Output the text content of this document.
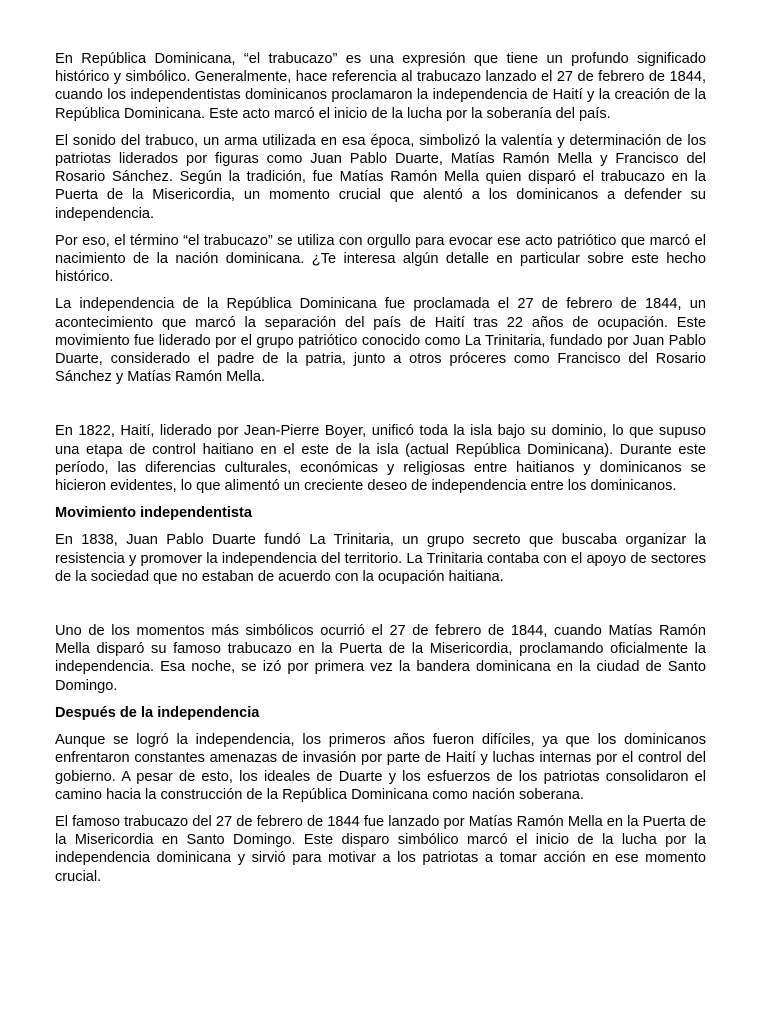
En República Dominicana, “el trabucazo” es una expresión que tiene un profundo significado histórico y simbólico. Generalmente, hace referencia al trabucazo lanzado el 27 de febrero de 1844, cuando los independentistas dominicanos proclamaron la independencia de Haití y la creación de la República Dominicana. Este acto marcó el inicio de la lucha por la soberanía del país.

El sonido del trabuco, un arma utilizada en esa época, simbolizó la valentía y determinación de los patriotas liderados por figuras como Juan Pablo Duarte, Matías Ramón Mella y Francisco del Rosario Sánchez. Según la tradición, fue Matías Ramón Mella quien disparó el trabucazo en la Puerta de la Misericordia, un momento crucial que alentó a los dominicanos a defender su independencia.

Por eso, el término “el trabucazo” se utiliza con orgullo para evocar ese acto patriótico que marcó el nacimiento de la nación dominicana. ¿Te interesa algún detalle en particular sobre este hecho histórico.

La independencia de la República Dominicana fue proclamada el 27 de febrero de 1844, un acontecimiento que marcó la separación del país de Haití tras 22 años de ocupación. Este movimiento fue liderado por el grupo patriótico conocido como La Trinitaria, fundado por Juan Pablo Duarte, considerado el padre de la patria, junto a otros próceres como Francisco del Rosario Sánchez y Matías Ramón Mella.

En 1822, Haití, liderado por Jean-Pierre Boyer, unificó toda la isla bajo su dominio, lo que supuso una etapa de control haitiano en el este de la isla (actual República Dominicana). Durante este período, las diferencias culturales, económicas y religiosas entre haitianos y dominicanos se hicieron evidentes, lo que alimentó un creciente deseo de independencia entre los dominicanos.

Movimiento independentista

En 1838, Juan Pablo Duarte fundó La Trinitaria, un grupo secreto que buscaba organizar la resistencia y promover la independencia del territorio. La Trinitaria contaba con el apoyo de sectores de la sociedad que no estaban de acuerdo con la ocupación haitiana.

Uno de los momentos más simbólicos ocurrió el 27 de febrero de 1844, cuando Matías Ramón Mella disparó su famoso trabucazo en la Puerta de la Misericordia, proclamando oficialmente la independencia. Esa noche, se izó por primera vez la bandera dominicana en la ciudad de Santo Domingo.

Después de la independencia

Aunque se logró la independencia, los primeros años fueron difíciles, ya que los dominicanos enfrentaron constantes amenazas de invasión por parte de Haití y luchas internas por el control del gobierno. A pesar de esto, los ideales de Duarte y los esfuerzos de los patriotas consolidaron el camino hacia la construcción de la República Dominicana como nación soberana.

El famoso trabucazo del 27 de febrero de 1844 fue lanzado por Matías Ramón Mella en la Puerta de la Misericordia en Santo Domingo. Este disparo simbólico marcó el inicio de la lucha por la independencia dominicana y sirvió para motivar a los patriotas a tomar acción en ese momento crucial.
